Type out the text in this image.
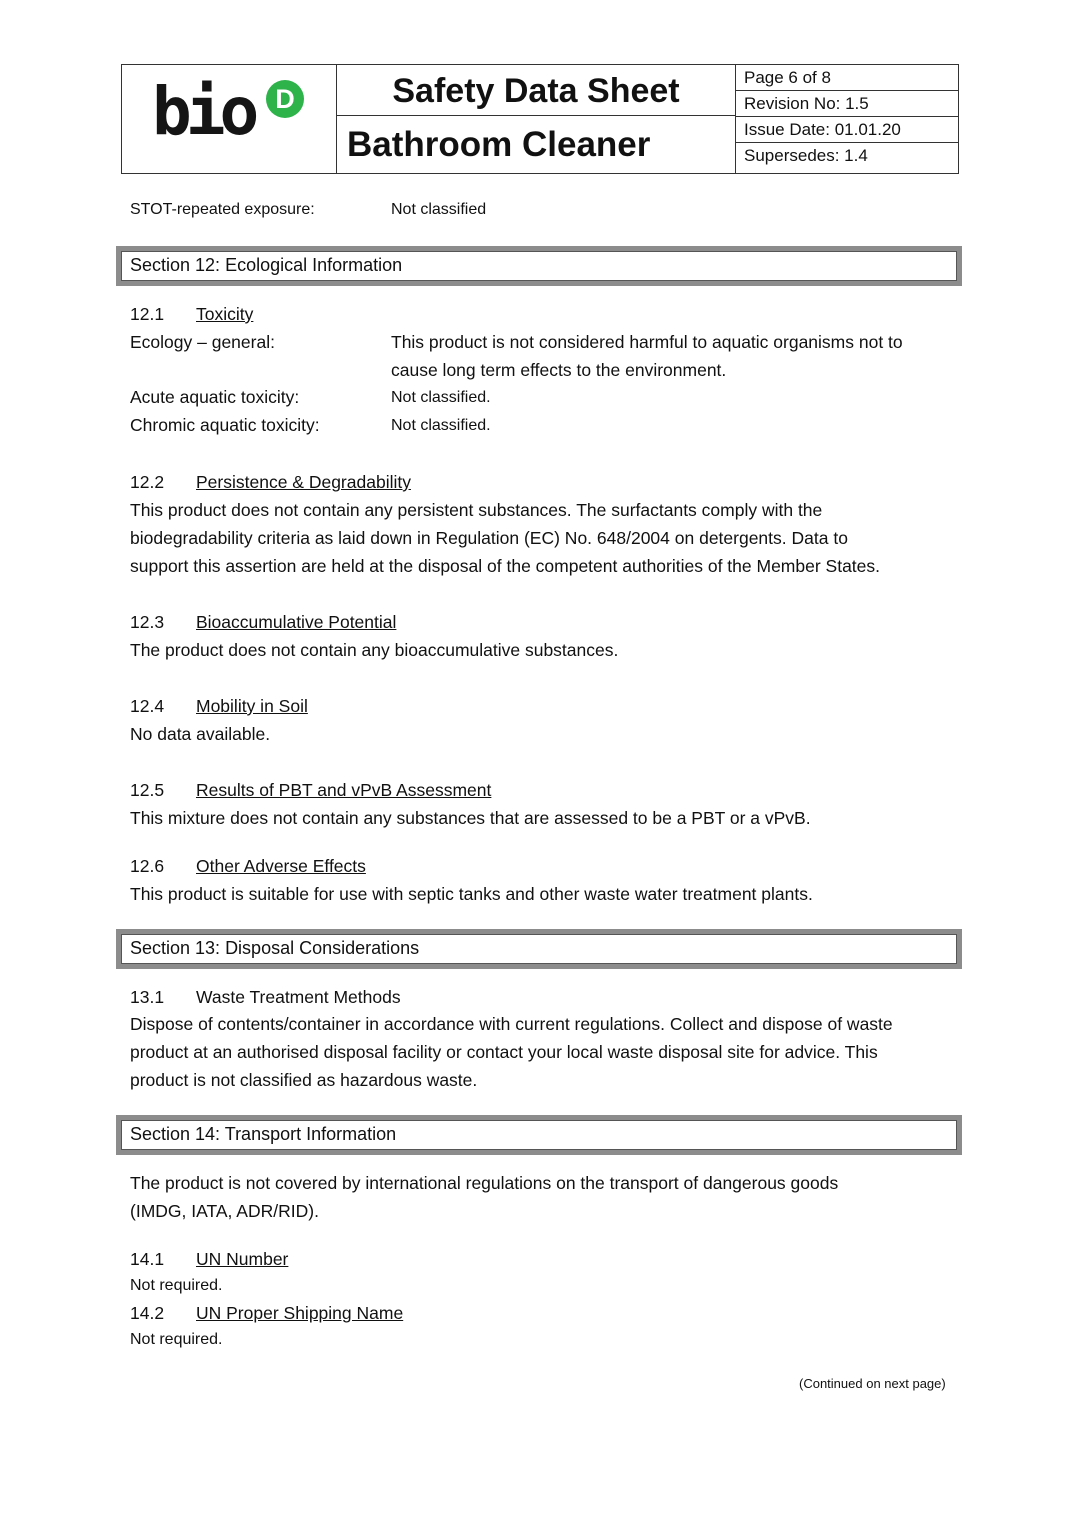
bio D	Safety Data Sheet
Bathroom Cleaner
Page 6 of 8
Revision No: 1.5
Issue Date: 01.01.20
Supersedes: 1.4
STOT-repeated exposure:	Not classified
Section 12: Ecological Information
12.1 Toxicity
Ecology – general:	This product is not considered harmful to aquatic organisms not to
cause long term effects to the environment.
Acute aquatic toxicity:	Not classified.
Chromic aquatic toxicity:	Not classified.
12.2 Persistence & Degradability
This product does not contain any persistent substances. The surfactants comply with the
biodegradability criteria as laid down in Regulation (EC) No. 648/2004 on detergents. Data to
support this assertion are held at the disposal of the competent authorities of the Member States.
12.3 Bioaccumulative Potential
The product does not contain any bioaccumulative substances.
12.4 Mobility in Soil
No data available.
12.5 Results of PBT and vPvB Assessment
This mixture does not contain any substances that are assessed to be a PBT or a vPvB.
12.6 Other Adverse Effects
This product is suitable for use with septic tanks and other waste water treatment plants.
Section 13: Disposal Considerations
13.1 Waste Treatment Methods
Dispose of contents/container in accordance with current regulations. Collect and dispose of waste
product at an authorised disposal facility or contact your local waste disposal site for advice. This
product is not classified as hazardous waste.
Section 14: Transport Information
The product is not covered by international regulations on the transport of dangerous goods
(IMDG, IATA, ADR/RID).
14.1 UN Number
Not required.
14.2 UN Proper Shipping Name
Not required.
(Continued on next page)
